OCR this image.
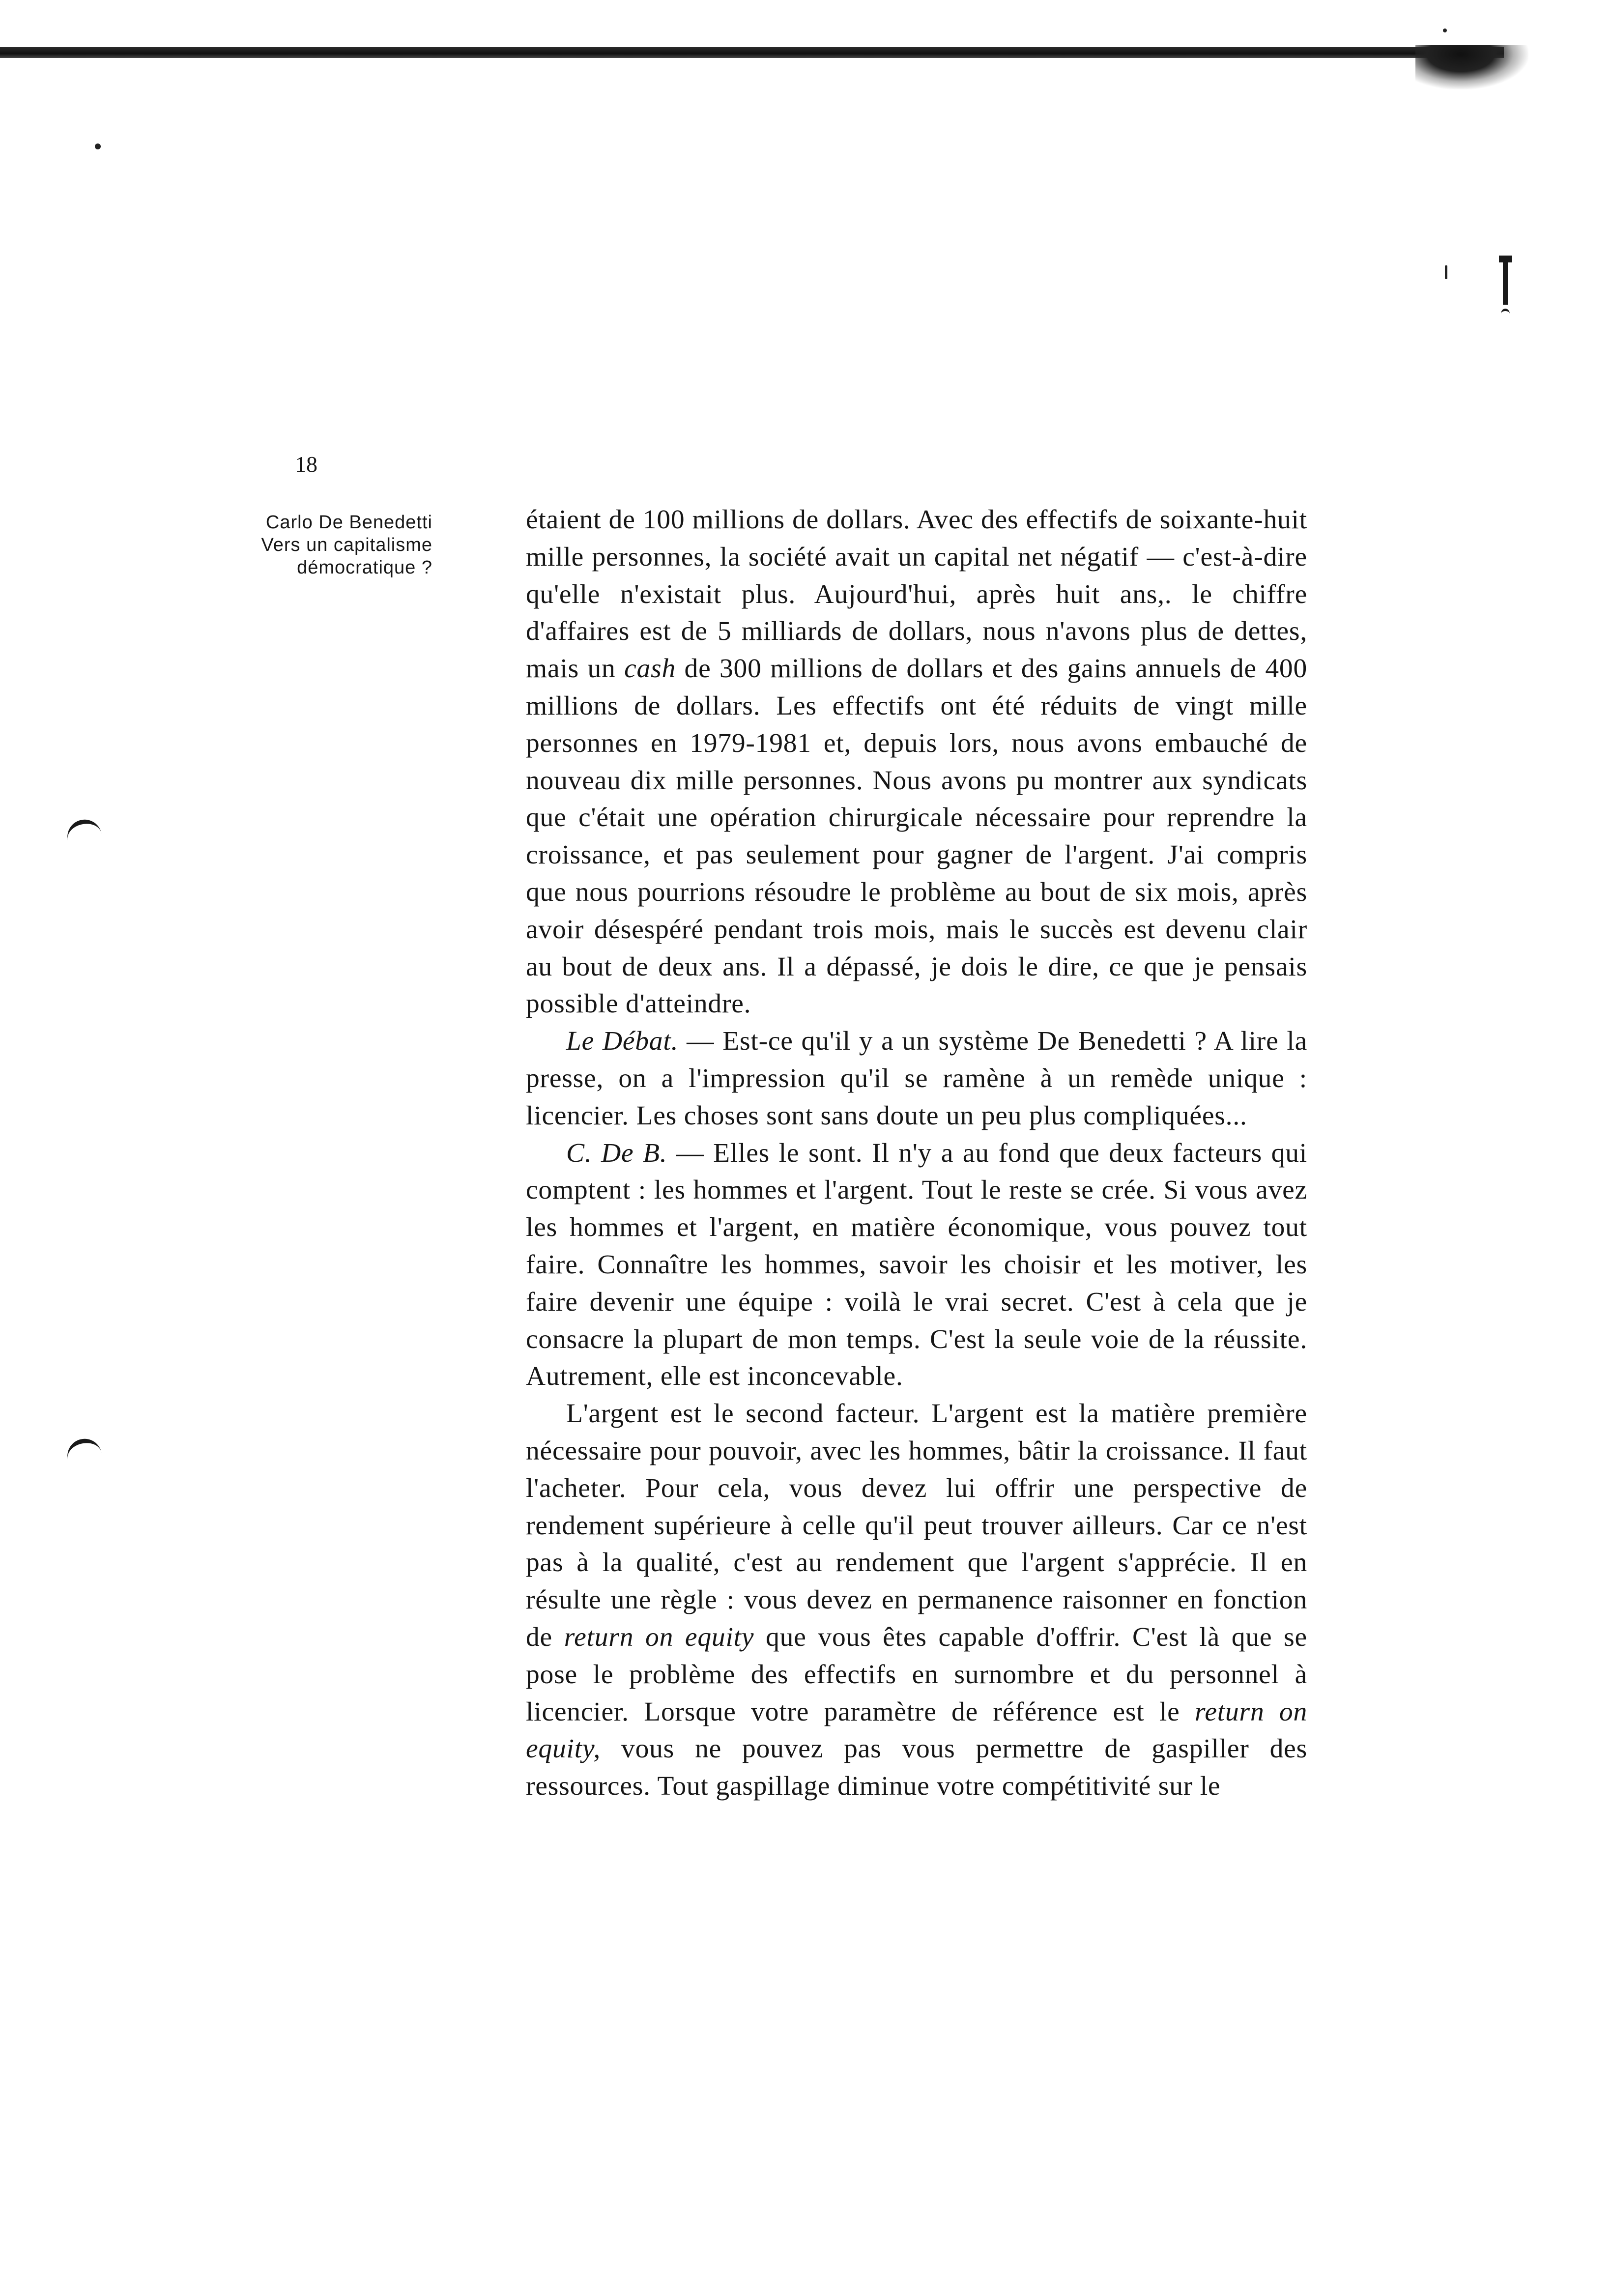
18
Carlo De Benedetti
Vers un capitalisme
démocratique ?

étaient de 100 millions de dollars. Avec des effectifs de soixante-huit mille personnes, la société avait un capital net négatif — c'est-à-dire qu'elle n'existait plus. Aujourd'hui, après huit ans,. le chiffre d'affaires est de 5 milliards de dollars, nous n'avons plus de dettes, mais un cash de 300 millions de dollars et des gains annuels de 400 millions de dollars. Les effectifs ont été réduits de vingt mille personnes en 1979-1981 et, depuis lors, nous avons embauché de nouveau dix mille personnes. Nous avons pu montrer aux syndicats que c'était une opération chirurgicale nécessaire pour reprendre la croissance, et pas seulement pour gagner de l'argent. J'ai compris que nous pourrions résoudre le problème au bout de six mois, après avoir désespéré pendant trois mois, mais le succès est devenu clair au bout de deux ans. Il a dépassé, je dois le dire, ce que je pensais possible d'atteindre.

Le Débat. — Est-ce qu'il y a un système De Benedetti ? A lire la presse, on a l'impression qu'il se ramène à un remède unique : licencier. Les choses sont sans doute un peu plus compliquées...

C. De B. — Elles le sont. Il n'y a au fond que deux facteurs qui comptent : les hommes et l'argent. Tout le reste se crée. Si vous avez les hommes et l'argent, en matière économique, vous pouvez tout faire. Connaître les hommes, savoir les choisir et les motiver, les faire devenir une équipe : voilà le vrai secret. C'est à cela que je consacre la plupart de mon temps. C'est la seule voie de la réussite. Autrement, elle est inconcevable.

L'argent est le second facteur. L'argent est la matière première nécessaire pour pouvoir, avec les hommes, bâtir la croissance. Il faut l'acheter. Pour cela, vous devez lui offrir une perspective de rendement supérieure à celle qu'il peut trouver ailleurs. Car ce n'est pas à la qualité, c'est au rendement que l'argent s'apprécie. Il en résulte une règle : vous devez en permanence raisonner en fonction de return on equity que vous êtes capable d'offrir. C'est là que se pose le problème des effectifs en surnombre et du personnel à licencier. Lorsque votre paramètre de référence est le return on equity, vous ne pouvez pas vous permettre de gaspiller des ressources. Tout gaspillage diminue votre compétitivité sur le
